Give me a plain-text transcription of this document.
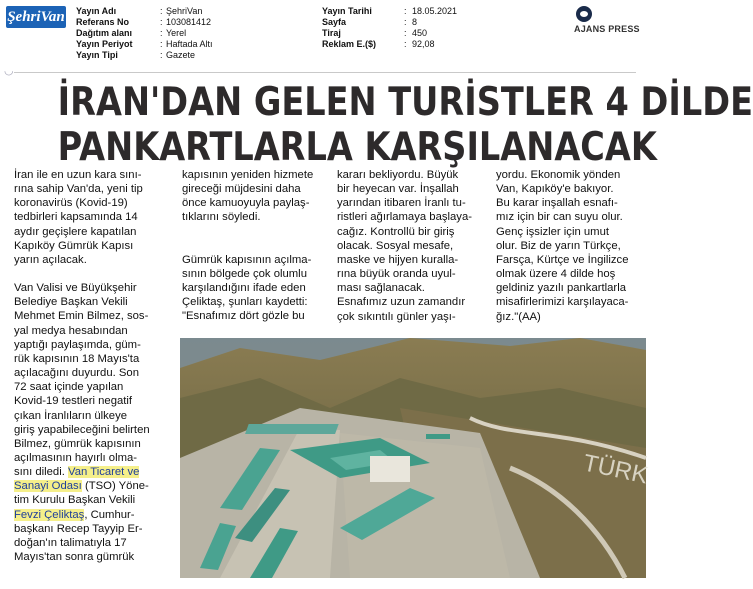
ŞehriVan Yayın Adı
Referans No
Dağıtım alanı
Yayın Periyot
Yayın Tipi
:
:
:
:
:
ŞehriVan
103081412
Yerel
Haftada Altı
Gazete
Yayın Tarihi
Sayfa
Tiraj
Reklam E.($)
:
:
:
:
18.05.2021
8
450
92,08
AJANS PRESS
◡
İRAN'DAN GELEN TURİSTLER 4 DİLDE
PANKARTLARLA KARŞILANACAK

İran ile en uzun kara sını-

rına sahip Van'da, yeni tip

koronavirüs (Kovid-19)

tedbirleri kapsamında 14

aydır geçişlere kapatılan

Kapıköy Gümrük Kapısı

yarın açılacak.

Van Valisi ve Büyükşehir

Belediye Başkan Vekili

Mehmet Emin Bilmez, sos-

yal medya hesabından

yaptığı paylaşımda, güm-

rük kapısının 18 Mayıs'ta

açılacağını duyurdu. Son

72 saat içinde yapılan

Kovid-19 testleri negatif

çıkan İranlıların ülkeye

giriş yapabileceğini belirten

Bilmez, gümrük kapısının

açılmasının hayırlı olma-

sını diledi. Van Ticaret ve

Sanayi Odası (TSO) Yöne-

tim Kurulu Başkan Vekili

Fevzi Çeliktaş, Cumhur-

başkanı Recep Tayyip Er-

doğan'ın talimatıyla 17

Mayıs'tan sonra gümrük

kapısının yeniden hizmete

gireceği müjdesini daha

önce kamuoyuyla paylaş-

tıklarını söyledi.

Gümrük kapısının açılma-

sının bölgede çok olumlu

karşılandığını ifade eden

Çeliktaş, şunları kaydetti:

"Esnafımız dört gözle bu

kararı bekliyordu. Büyük

bir heyecan var. İnşallah

yarından itibaren İranlı tu-

ristleri ağırlamaya başlaya-

cağız. Kontrollü bir giriş

olacak. Sosyal mesafe,

maske ve hijyen kuralla-

rına büyük oranda uyul-

ması sağlanacak.

Esnafımız uzun zamandır

çok sıkıntılı günler yaşı-

yordu. Ekonomik yönden

Van, Kapıköy'e bakıyor.

Bu karar inşallah esnafı-

mız için bir can suyu olur.

Genç işsizler için umut

olur. Biz de yarın Türkçe,

Farsça, Kürtçe ve İngilizce

olmak üzere 4 dilde hoş

geldiniz yazılı pankartlarla

misafirlerimizi karşılayaca-

ğız."(AA)

TÜRK
